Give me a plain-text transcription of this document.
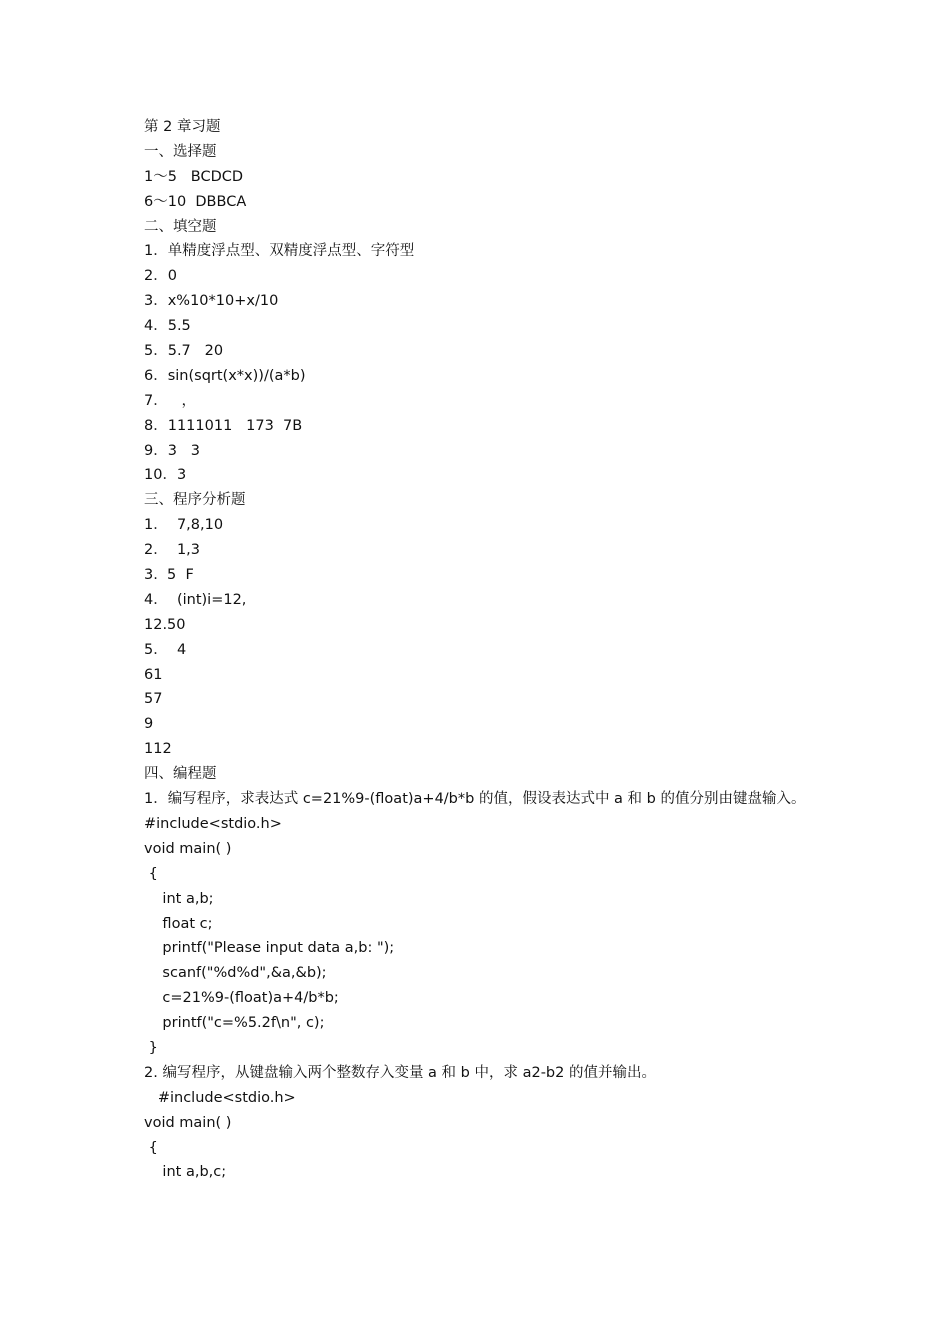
第 2 章习题
一、选择题
1～5   BCDCD
6～10  DBBCA
二、填空题
1．单精度浮点型、双精度浮点型、字符型
2．0
3．x%10*10+x/10
4．5.5
5．5.7   20
6．sin(sqrt(x*x))/(a*b)
7．   ，
8．1111011   173  7B
9．3   3
10．3
三、程序分析题
1．  7,8,10
2．  1,3
3.  5  F
4．  (int)i=12,
12.50
5．  4
61
57
9
112
四、编程题
1．编写程序，求表达式 c=21%9-(float)a+4/b*b 的值，假设表达式中 a 和 b 的值分别由键盘输入。
#include<stdio.h>
void main( )
{
int a,b;
float c;
printf("Please input data a,b: ");
scanf("%d%d",&a,&b);
c=21%9-(float)a+4/b*b;
printf("c=%5.2f\n", c);
}
2. 编写程序，从键盘输入两个整数存入变量 a 和 b 中，求 a2-b2 的值并输出。
#include<stdio.h>
void main( )
{
int a,b,c;
